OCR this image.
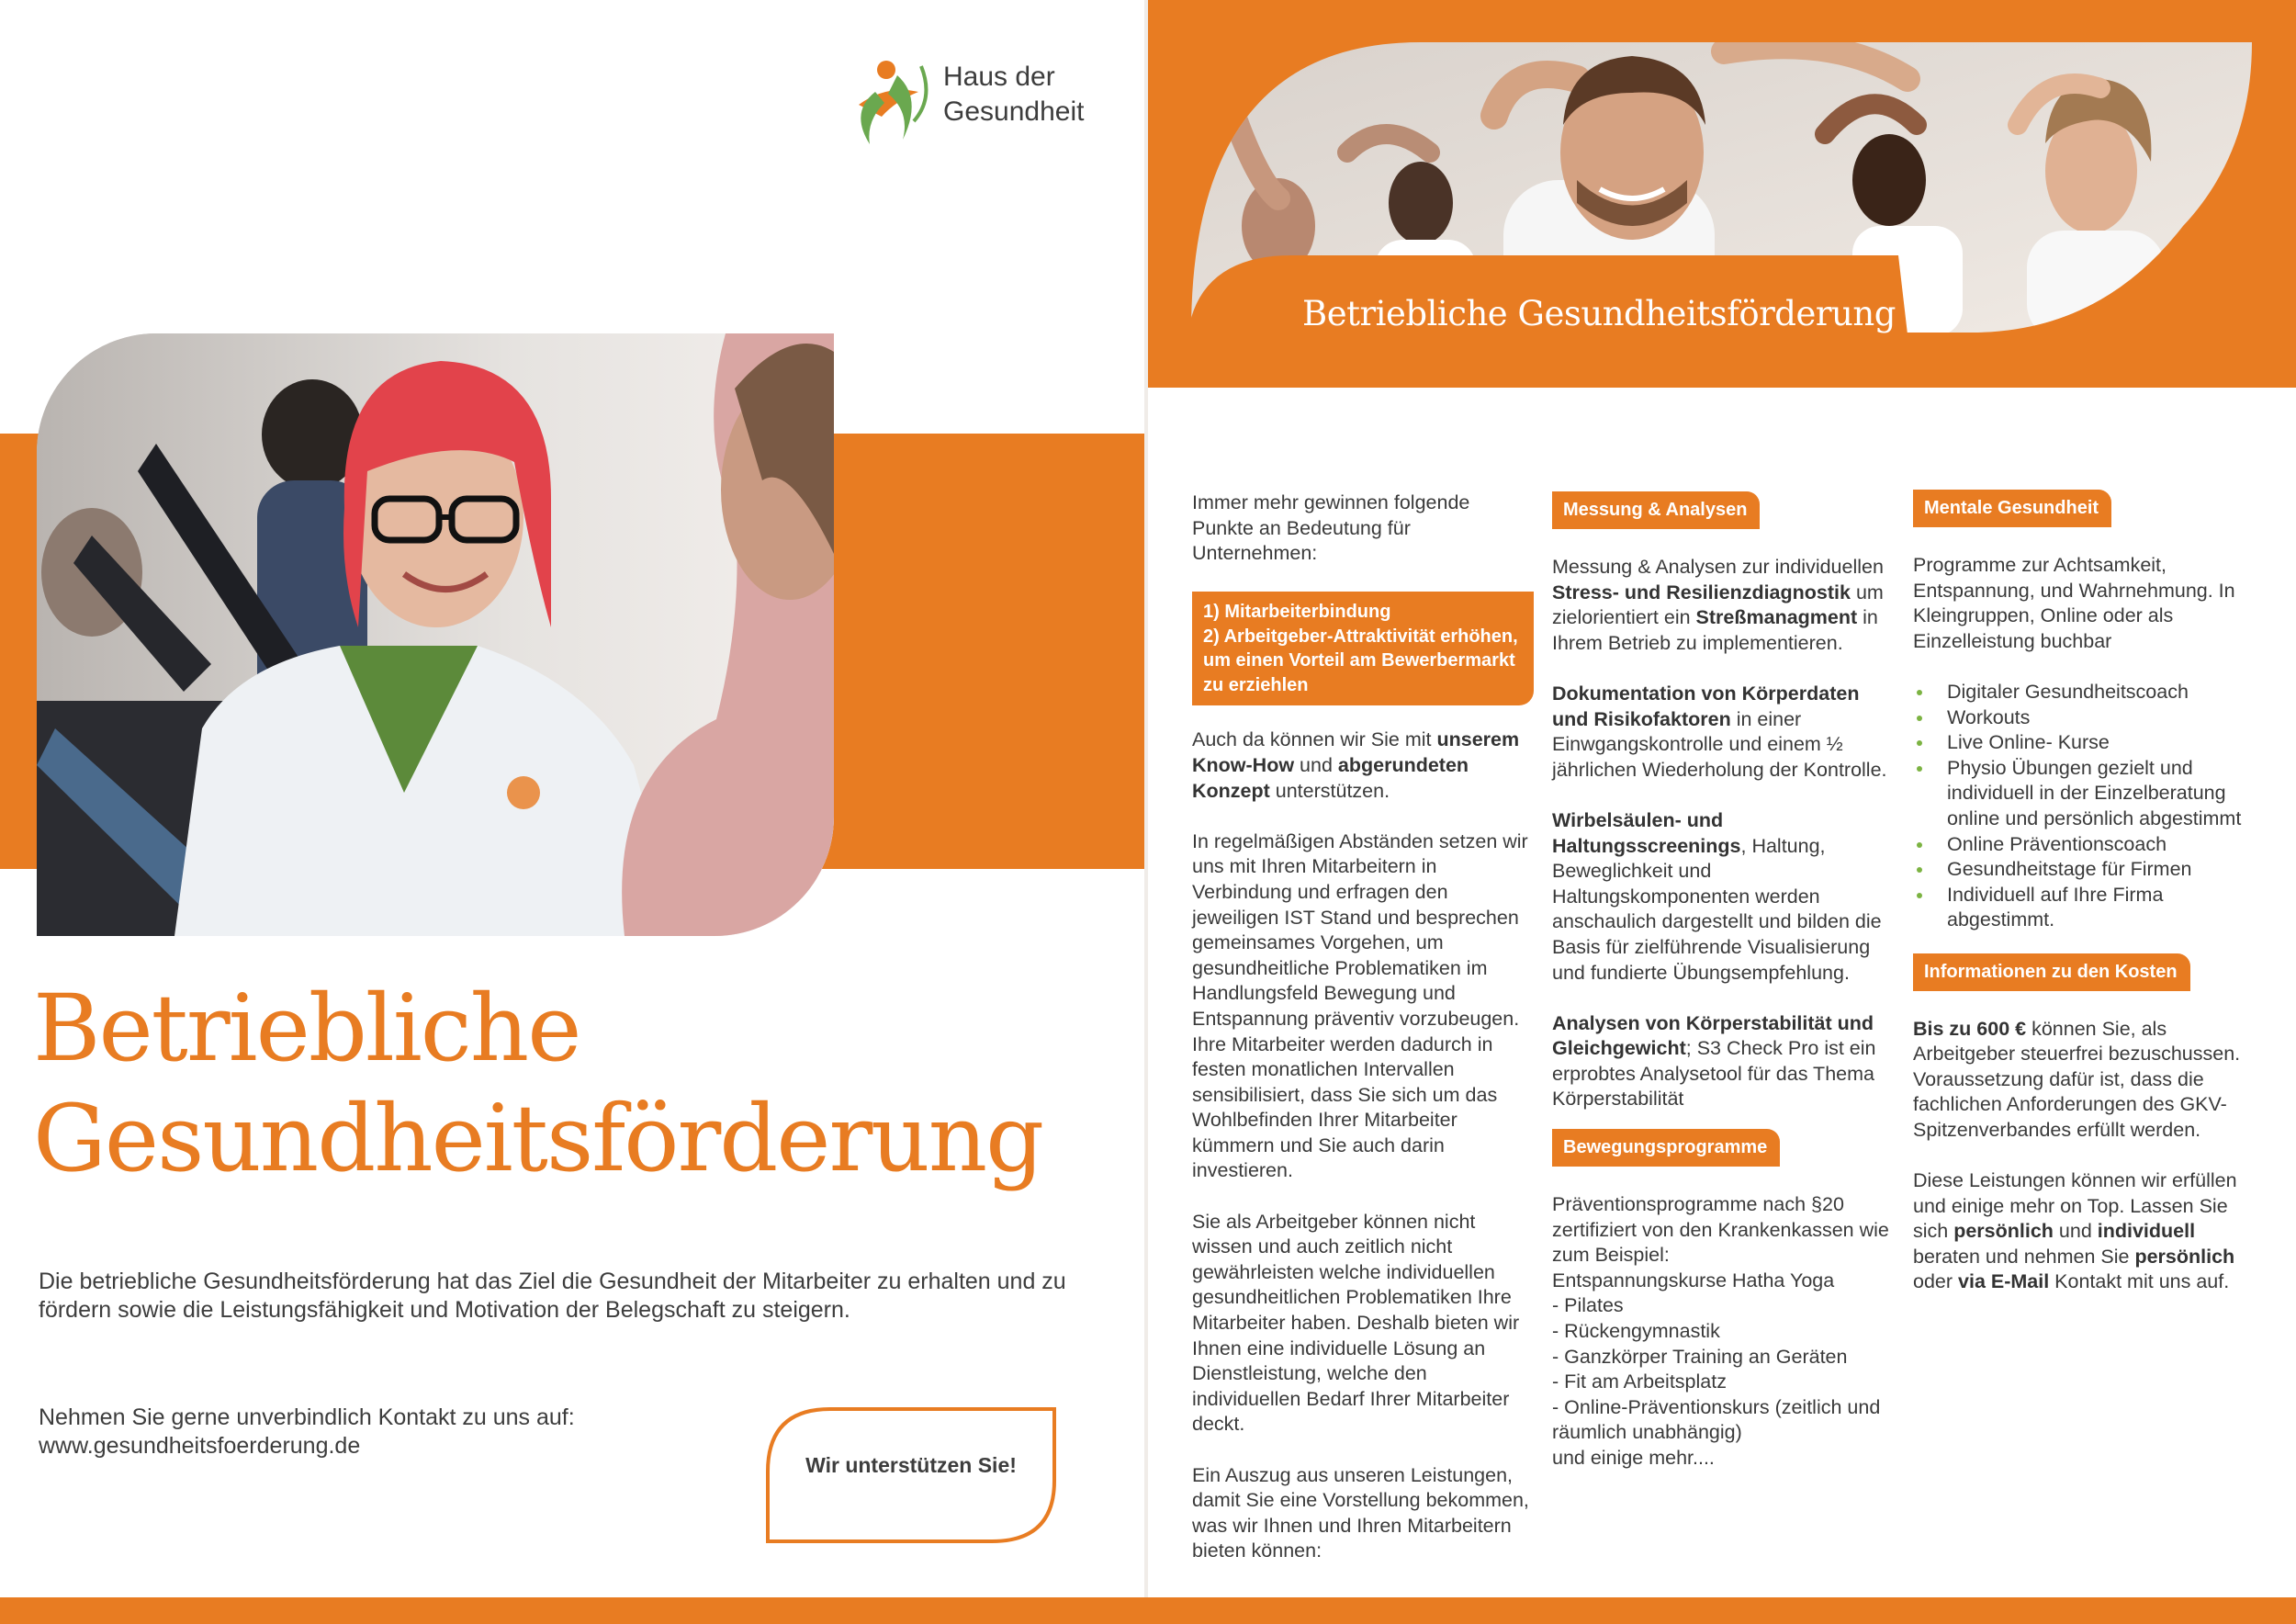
Haus der
Gesundheit
Betriebliche
Gesundheitsförderung
Die betriebliche Gesundheitsförderung hat das Ziel die Gesundheit der Mitarbeiter zu erhalten und zu fördern sowie die Leistungsfähigkeit und Motivation der Belegschaft zu steigern.
Nehmen Sie gerne unverbindlich Kontakt zu uns auf:
www.gesundheitsfoerderung.de
Wir unterstützen Sie!
Betriebliche Gesundheitsförderung

Immer mehr gewinnen folgende Punkte an Bedeutung für Unternehmen:

1) Mitarbeiterbindung
2) Arbeitgeber-Attraktivität erhöhen, um einen Vorteil am Bewerbermarkt zu erziehlen

Auch da können wir Sie mit unserem Know-How und abgerundeten Konzept unterstützen.

In regelmäßigen Abständen setzen wir uns mit Ihren Mitarbeitern in Verbindung und erfragen den jeweiligen IST Stand und besprechen gemeinsames Vorgehen, um gesundheitliche Problematiken im Handlungsfeld Bewegung und Entspannung präventiv vorzubeugen. Ihre Mitarbeiter werden dadurch in festen monatlichen Intervallen sensibilisiert, dass Sie sich um das Wohlbefinden Ihrer Mitarbeiter kümmern und Sie auch darin investieren.

Sie als Arbeitgeber können nicht wissen und auch zeitlich nicht gewährleisten welche individuellen gesundheitlichen Problematiken Ihre Mitarbeiter haben. Deshalb bieten wir Ihnen eine individuelle Lösung an Dienstleistung, welche den individuellen Bedarf Ihrer Mitarbeiter deckt.

Ein Auszug aus unseren Leistungen, damit Sie eine Vorstellung bekommen, was wir Ihnen und Ihren Mitarbeitern bieten können:

Messung & Analysen

Messung & Analysen zur individuellen Stress- und Resilienzdiagnostik um zielorientiert ein Streßmanagment in Ihrem Betrieb zu implementieren.

Dokumentation von Körperdaten und Risikofaktoren in einer Einwgangskontrolle und einem ½ jährlichen Wiederholung der Kontrolle.

Wirbelsäulen- und Haltungsscreenings, Haltung, Beweglichkeit und Haltungskomponenten werden anschaulich dargestellt und bilden die Basis für zielführende Visualisierung und fundierte Übungsempfehlung.

Analysen von Körperstabilität und Gleichgewicht; S3 Check Pro ist ein erprobtes Analysetool für das Thema Körperstabilität

Bewegungsprogramme
Präventionsprogramme nach §20 zertifiziert von den Krankenkassen wie zum Beispiel:
Entspannungskurse Hatha Yoga
- Pilates
- Rückengymnastik
- Ganzkörper Training an Geräten
- Fit am Arbeitsplatz
- Online-Präventionskurs (zeitlich und räumlich unabhängig)
und einige mehr....
Mentale Gesundheit

Programme zur Achtsamkeit, Entspannung, und Wahrnehmung. In Kleingruppen, Online oder als Einzelleistung buchbar

Digitaler Gesundheitscoach
Workouts
Live Online- Kurse
Physio Übungen gezielt und individuell in der Einzelberatung online und persönlich abgestimmt
Online Präventionscoach
Gesundheitstage für Firmen
Individuell auf Ihre Firma abgestimmt.
Informationen zu den Kosten

Bis zu 600 € können Sie, als Arbeitgeber steuerfrei bezuschussen. Voraussetzung dafür ist, dass die fachlichen Anforderungen des GKV- Spitzenverbandes erfüllt werden.

Diese Leistungen können wir erfüllen und einige mehr on Top. Lassen Sie sich persönlich und individuell beraten und nehmen Sie persönlich oder via E-Mail Kontakt mit uns auf.
